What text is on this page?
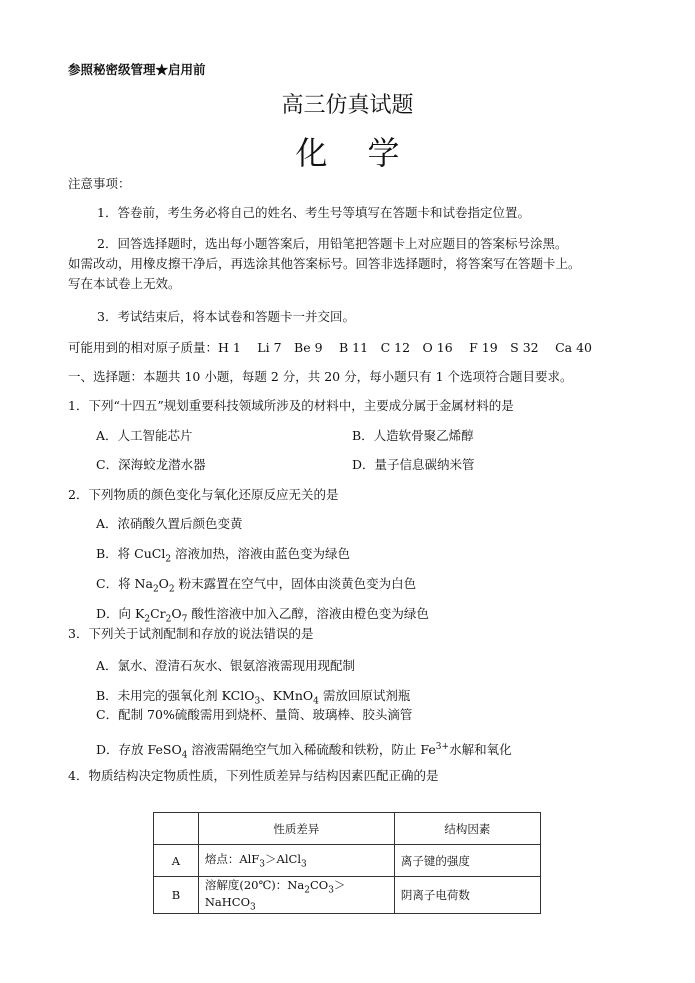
参照秘密级管理★启用前
高三仿真试题
化学
注意事项：
1．答卷前，考生务必将自己的姓名、考生号等填写在答题卡和试卷指定位置。
2．回答选择题时，选出每小题答案后，用铅笔把答题卡上对应题目的答案标号涂黑。
如需改动，用橡皮擦干净后，再选涂其他答案标号。回答非选择题时，将答案写在答题卡上。
写在本试卷上无效。
3．考试结束后，将本试卷和答题卡一并交回。
可能用到的相对原子质量：H 1　 Li 7　Be 9　 B 11　C 12　O 16　 F 19　S 32　 Ca 40
一、选择题：本题共 10 小题，每题 2 分，共 20 分，每小题只有 1 个选项符合题目要求。
1．下列“十四五”规划重要科技领域所涉及的材料中，主要成分属于金属材料的是
A．人工智能芯片	B．人造软骨聚乙烯醇
C．深海蛟龙潜水器	D．量子信息碳纳米管
2．下列物质的颜色变化与氧化还原反应无关的是
A．浓硝酸久置后颜色变黄
B．将 CuCl$_2$ 溶液加热，溶液由蓝色变为绿色
C．将 $Na_2O_2$ 粉末露置在空气中，固体由淡黄色变为白色
D．向 $K_2Cr_2O_7$ 酸性溶液中加入乙醇，溶液由橙色变为绿色
3．下列关于试剂配制和存放的说法错误的是
A．氯水、澄清石灰水、银氨溶液需现用现配制
B．未用完的强氧化剂 KClO$_3$、KMnO$_4$ 需放回原试剂瓶
C．配制 70%硫酸需用到烧杯、量筒、玻璃棒、胶头滴管
D．存放 FeSO$_4$ 溶液需隔绝空气加入稀硫酸和铁粉，防止 $Fe^{3+}$水解和氧化
4．物质结构决定物质性质，下列性质差异与结构因素匹配正确的是
	性质差异	结构因素
A	熔点：AlF$_3$＞AlCl$_3$	离子键的强度
B	溶解度(20℃)：$Na_2CO_3>NaHCO_3$	阴离子电荷数
